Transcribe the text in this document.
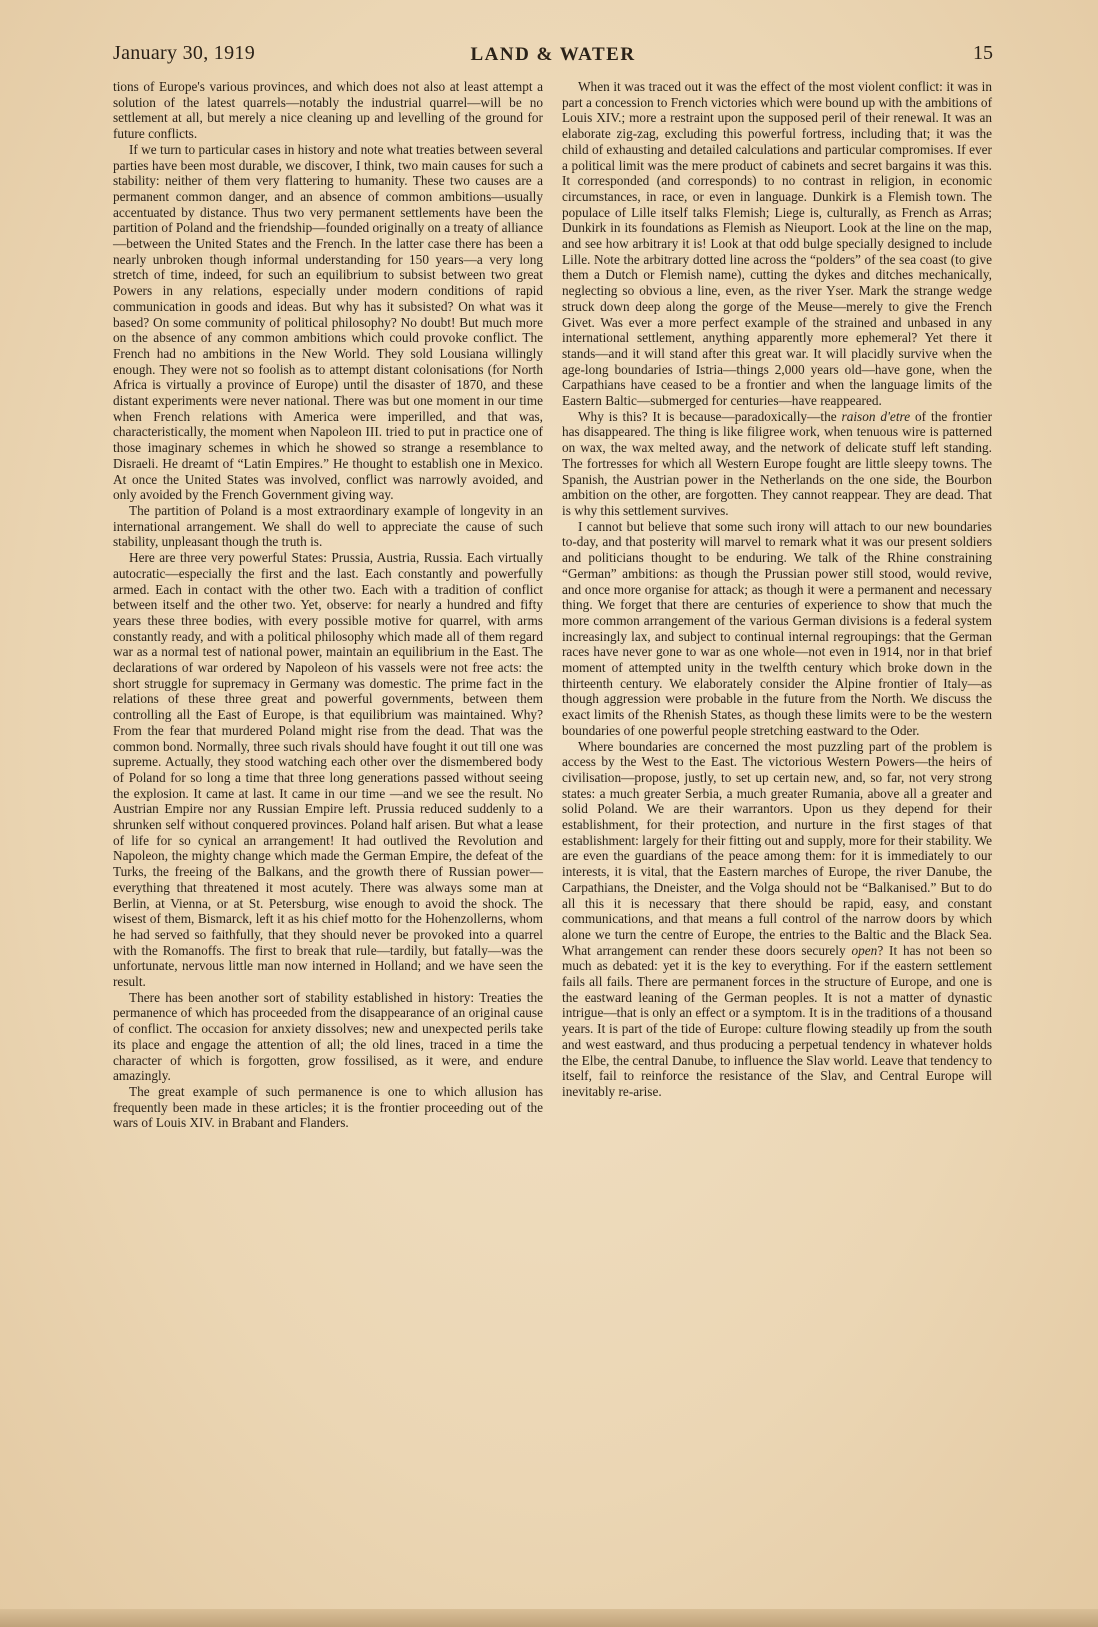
January 30, 1919	LAND & WATER	15

tions of Europe's various provinces, and which does not also at least attempt a solution of the latest quarrels—notably the industrial quarrel—will be no settlement at all, but merely a nice cleaning up and levelling of the ground for future conflicts.

If we turn to particular cases in history and note what treaties between several parties have been most durable, we discover, I think, two main causes for such a stability: neither of them very flattering to humanity. These two causes are a permanent common danger, and an absence of common ambitions—usually accentuated by distance. Thus two very permanent settlements have been the partition of Poland and the friendship—founded originally on a treaty of alliance—between the United States and the French. In the latter case there has been a nearly unbroken though informal understanding for 150 years—a very long stretch of time, indeed, for such an equilibrium to subsist between two great Powers in any relations, especially under modern conditions of rapid communication in goods and ideas. But why has it subsisted? On what was it based? On some community of political philosophy? No doubt! But much more on the absence of any common ambitions which could provoke conflict. The French had no ambitions in the New World. They sold Lousiana willingly enough. They were not so foolish as to attempt distant colonisations (for North Africa is virtually a province of Europe) until the disaster of 1870, and these distant experiments were never national. There was but one moment in our time when French relations with America were imperilled, and that was, characteristically, the moment when Napoleon III. tried to put in practice one of those imaginary schemes in which he showed so strange a resemblance to Disraeli. He dreamt of “Latin Empires.” He thought to establish one in Mexico. At once the United States was involved, conflict was narrowly avoided, and only avoided by the French Government giving way.

The partition of Poland is a most extraordinary example of longevity in an international arrangement. We shall do well to appreciate the cause of such stability, unpleasant though the truth is.

Here are three very powerful States: Prussia, Austria, Russia. Each virtually autocratic—especially the first and the last. Each constantly and powerfully armed. Each in contact with the other two. Each with a tradition of conflict between itself and the other two. Yet, observe: for nearly a hundred and fifty years these three bodies, with every possible motive for quarrel, with arms constantly ready, and with a political philosophy which made all of them regard war as a normal test of national power, maintain an equilibrium in the East. The declarations of war ordered by Napoleon of his vassels were not free acts: the short struggle for supremacy in Germany was domestic. The prime fact in the relations of these three great and powerful governments, between them controlling all the East of Europe, is that equilibrium was maintained. Why? From the fear that murdered Poland might rise from the dead. That was the common bond. Normally, three such rivals should have fought it out till one was supreme. Actually, they stood watching each other over the dismembered body of Poland for so long a time that three long generations passed without seeing the explosion. It came at last. It came in our time —and we see the result. No Austrian Empire nor any Russian Empire left. Prussia reduced suddenly to a shrunken self without conquered provinces. Poland half arisen. But what a lease of life for so cynical an arrangement! It had outlived the Revolution and Napoleon, the mighty change which made the German Empire, the defeat of the Turks, the freeing of the Balkans, and the growth there of Russian power—everything that threatened it most acutely. There was always some man at Berlin, at Vienna, or at St. Petersburg, wise enough to avoid the shock. The wisest of them, Bismarck, left it as his chief motto for the Hohenzollerns, whom he had served so faithfully, that they should never be provoked into a quarrel with the Romanoffs. The first to break that rule—tardily, but fatally—was the unfortunate, nervous little man now interned in Holland; and we have seen the result.

There has been another sort of stability established in history: Treaties the permanence of which has proceeded from the disappearance of an original cause of conflict. The occasion for anxiety dissolves; new and unexpected perils take its place and engage the attention of all; the old lines, traced in a time the character of which is forgotten, grow fossilised, as it were, and endure amazingly.

The great example of such permanence is one to which allusion has frequently been made in these articles; it is the frontier proceeding out of the wars of Louis XIV. in Brabant and Flanders.

When it was traced out it was the effect of the most violent conflict: it was in part a concession to French victories which were bound up with the ambitions of Louis XIV.; more a restraint upon the supposed peril of their renewal. It was an elaborate zig-zag, excluding this powerful fortress, including that; it was the child of exhausting and detailed calculations and particular compromises. If ever a political limit was the mere product of cabinets and secret bargains it was this. It corresponded (and corresponds) to no contrast in religion, in economic circumstances, in race, or even in language. Dunkirk is a Flemish town. The populace of Lille itself talks Flemish; Liege is, culturally, as French as Arras; Dunkirk in its foundations as Flemish as Nieuport. Look at the line on the map, and see how arbitrary it is! Look at that odd bulge specially designed to include Lille. Note the arbitrary dotted line across the “polders” of the sea coast (to give them a Dutch or Flemish name), cutting the dykes and ditches mechanically, neglecting so obvious a line, even, as the river Yser. Mark the strange wedge struck down deep along the gorge of the Meuse—merely to give the French Givet. Was ever a more perfect example of the strained and unbased in any international settlement, anything apparently more ephemeral? Yet there it stands—and it will stand after this great war. It will placidly survive when the age-long boundaries of Istria—things 2,000 years old—have gone, when the Carpathians have ceased to be a frontier and when the language limits of the Eastern Baltic—submerged for centuries—have reappeared.

Why is this? It is because—paradoxically—the raison d'etre of the frontier has disappeared. The thing is like filigree work, when tenuous wire is patterned on wax, the wax melted away, and the network of delicate stuff left standing. The fortresses for which all Western Europe fought are little sleepy towns. The Spanish, the Austrian power in the Netherlands on the one side, the Bourbon ambition on the other, are forgotten. They cannot reappear. They are dead. That is why this settlement survives.

I cannot but believe that some such irony will attach to our new boundaries to-day, and that posterity will marvel to remark what it was our present soldiers and politicians thought to be enduring. We talk of the Rhine constraining “German” ambitions: as though the Prussian power still stood, would revive, and once more organise for attack; as though it were a permanent and necessary thing. We forget that there are centuries of experience to show that much the more common arrangement of the various German divisions is a federal system increasingly lax, and subject to continual internal regroupings: that the German races have never gone to war as one whole—not even in 1914, nor in that brief moment of attempted unity in the twelfth century which broke down in the thirteenth century. We elaborately consider the Alpine frontier of Italy—as though aggression were probable in the future from the North. We discuss the exact limits of the Rhenish States, as though these limits were to be the western boundaries of one powerful people stretching eastward to the Oder.

Where boundaries are concerned the most puzzling part of the problem is access by the West to the East. The victorious Western Powers—the heirs of civilisation—propose, justly, to set up certain new, and, so far, not very strong states: a much greater Serbia, a much greater Rumania, above all a greater and solid Poland. We are their warrantors. Upon us they depend for their establishment, for their protection, and nurture in the first stages of that establishment: largely for their fitting out and supply, more for their stability. We are even the guardians of the peace among them: for it is immediately to our interests, it is vital, that the Eastern marches of Europe, the river Danube, the Carpathians, the Dneister, and the Volga should not be “Balkanised.” But to do all this it is necessary that there should be rapid, easy, and constant communications, and that means a full control of the narrow doors by which alone we turn the centre of Europe, the entries to the Baltic and the Black Sea. What arrangement can render these doors securely open? It has not been so much as debated: yet it is the key to everything. For if the eastern settlement fails all fails. There are permanent forces in the structure of Europe, and one is the eastward leaning of the German peoples. It is not a matter of dynastic intrigue—that is only an effect or a symptom. It is in the traditions of a thousand years. It is part of the tide of Europe: culture flowing steadily up from the south and west eastward, and thus producing a perpetual tendency in whatever holds the Elbe, the central Danube, to influence the Slav world. Leave that tendency to itself, fail to reinforce the resistance of the Slav, and Central Europe will inevitably re-arise.
